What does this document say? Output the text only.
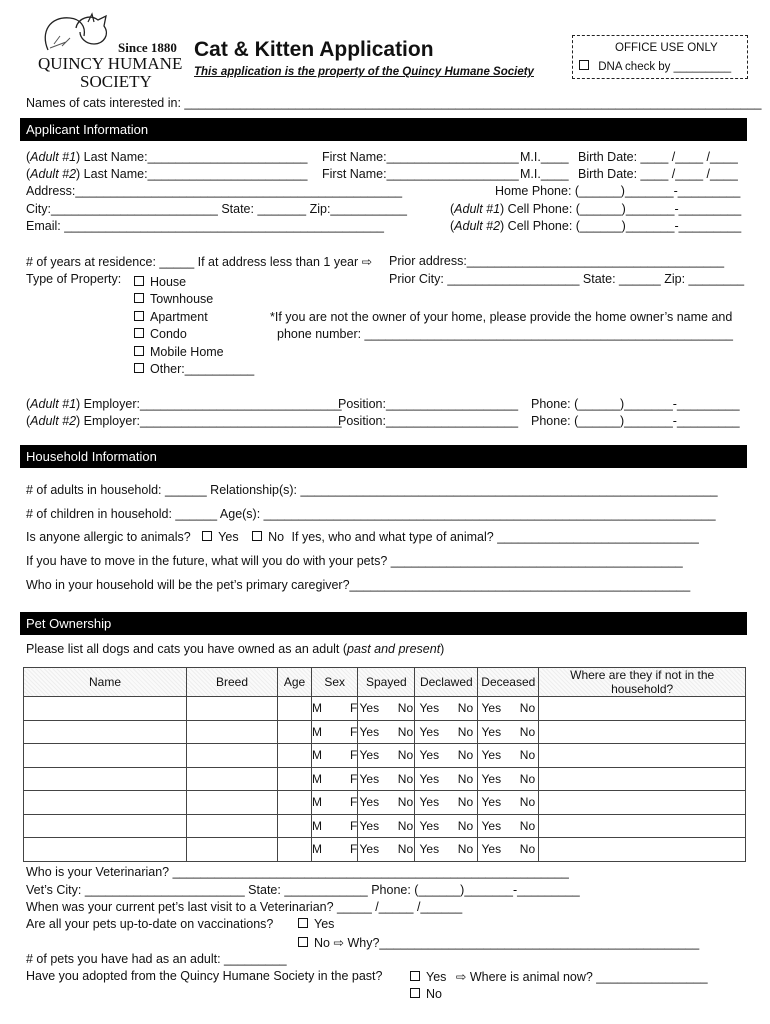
Since 1880
QUINCY HUMANE
SOCIETY
Cat & Kitten Application
This application is the property of the Quincy Humane Society
OFFICE USE ONLY
DNA check by _________
Names of cats interested in: ___________________________________________________________________________________
Applicant Information
(Adult #1) Last Name:_______________________ First Name:___________________ M.I.____ Birth Date: ____ /____ /____
(Adult #2) Last Name:_______________________ First Name:___________________ M.I.____ Birth Date: ____ /____ /____
Address:_______________________________________________	Home Phone: (______)_______-_________
City:________________________ State: _______ Zip:___________	(Adult #1) Cell Phone: (______)_______-_________
Email: ______________________________________________	(Adult #2) Cell Phone: (______)_______-_________
# of years at residence: _____ If at address less than 1 year ⇨ Prior address:_____________________________________
Type of Property:	Prior City: ___________________ State: ______ Zip: ________
House
Townhouse
Apartment
Condo
Mobile Home
Other:__________
*If you are not the owner of your home, please provide the home owner’s name and
phone number: _____________________________________________________
(Adult #1) Employer:_____________________________
Position:___________________ Phone: (______)_______-_________
(Adult #2) Employer:_____________________________
Position:___________________ Phone: (______)_______-_________
Household Information
# of adults in household: ______ Relationship(s): ____________________________________________________________
# of children in household: ______ Age(s): _________________________________________________________________
Is anyone allergic to animals? Yes No If yes, who and what type of animal? _____________________________
If you have to move in the future, what will you do with your pets? __________________________________________
Who in your household will be the pet’s primary caregiver?_________________________________________________
Pet Ownership
Please list all dogs and cats you have owned as an adult (past and present)
Name	Breed	Age	Sex	Spayed	Declawed	Deceased	Where are they if not in the household?
			M   F	Yes  No	Yes  No	Yes  No	
			M   F	Yes  No	Yes  No	Yes  No	
			M   F	Yes  No	Yes  No	Yes  No	
			M   F	Yes  No	Yes  No	Yes  No	
			M   F	Yes  No	Yes  No	Yes  No	
			M   F	Yes  No	Yes  No	Yes  No	
			M   F	Yes  No	Yes  No	Yes  No	
Who is your Veterinarian? _________________________________________________________
Vet’s City: _______________________ State: ____________ Phone: (______)_______-_________
When was your current pet’s last visit to a Veterinarian? _____ /_____ /______
Are all your pets up-to-date on vaccinations?	Yes
No ⇨ Why?______________________________________________
# of pets you have had as an adult: _________
Have you adopted from the Quincy Humane Society in the past?	Yes ⇨ Where is animal now? ________________
No
